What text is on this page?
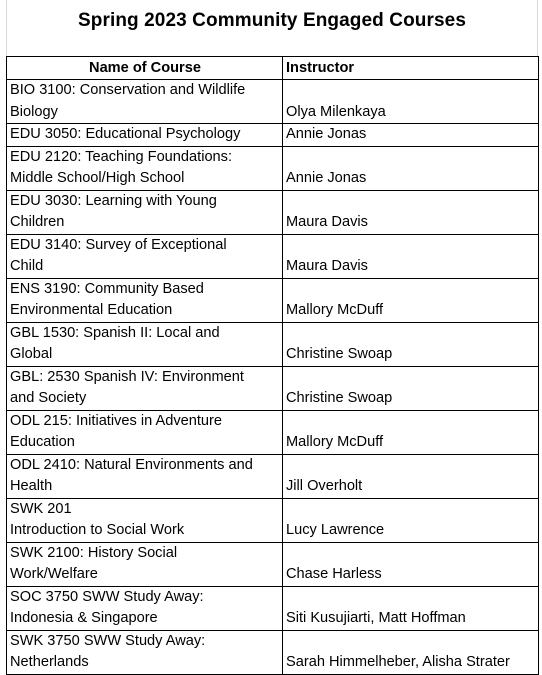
Spring 2023 Community Engaged Courses
Name of Course	Instructor

BIO 3100: Conservation and Wildlife
Biology	Olya Milenkaya

EDU 3050: Educational Psychology	Annie Jonas

EDU 2120: Teaching Foundations:
Middle School/High School	Annie Jonas

EDU 3030: Learning with Young
Children	Maura Davis

EDU 3140: Survey of Exceptional
Child	Maura Davis

ENS 3190: Community Based
Environmental Education	Mallory McDuff

GBL 1530: Spanish II: Local and
Global	Christine Swoap

GBL: 2530 Spanish IV: Environment
and Society	Christine Swoap

ODL 215: Initiatives in Adventure
Education	Mallory McDuff

ODL 2410: Natural Environments and
Health	Jill Overholt

SWK 201
Introduction to Social Work	Lucy Lawrence

SWK 2100: History Social
Work/Welfare	Chase Harless

SOC 3750 SWW Study Away:
Indonesia & Singapore	Siti Kusujiarti, Matt Hoffman

SWK 3750 SWW Study Away:
Netherlands	Sarah Himmelheber, Alisha Strater
